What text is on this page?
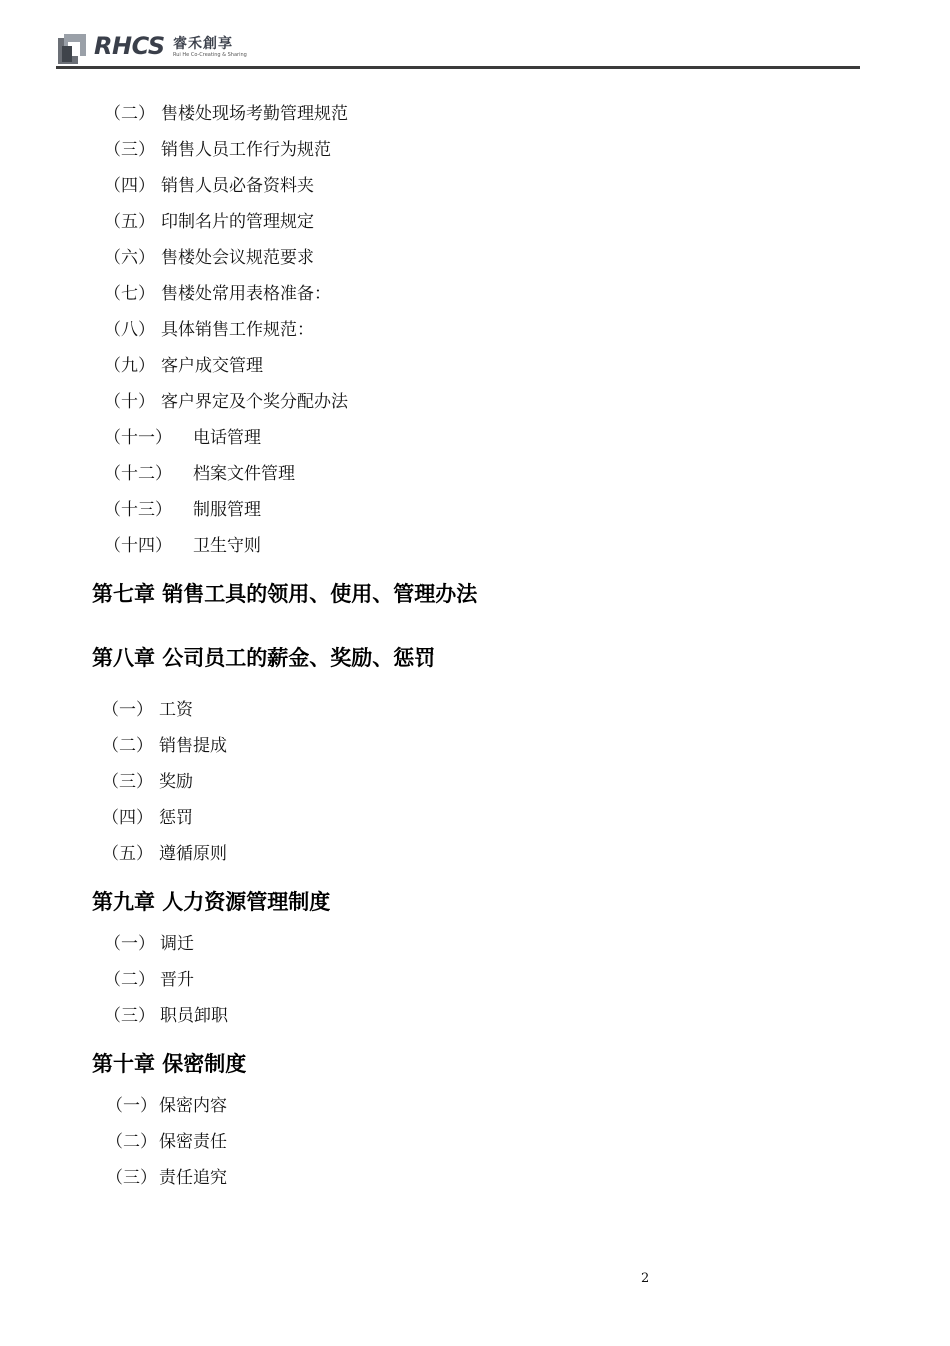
RHCS 睿禾創享
Rui He Co-Creating & Sharing
（二） 售楼处现场考勤管理规范
（三） 销售人员工作行为规范
（四） 销售人员必备资料夹
（五） 印制名片的管理规定
（六） 售楼处会议规范要求
（七） 售楼处常用表格准备：
（八） 具体销售工作规范：
（九） 客户成交管理
（十） 客户界定及个奖分配办法
（十一） 电话管理
（十二） 档案文件管理
（十三） 制服管理
（十四） 卫生守则
第七章 销售工具的领用、使用、管理办法
第八章 公司员工的薪金、奖励、惩罚
（一） 工资
（二） 销售提成
（三） 奖励
（四） 惩罚
（五） 遵循原则
第九章 人力资源管理制度
（一） 调迁
（二） 晋升
（三） 职员卸职
第十章 保密制度
（一） 保密内容
（二） 保密责任
（三） 责任追究
2
